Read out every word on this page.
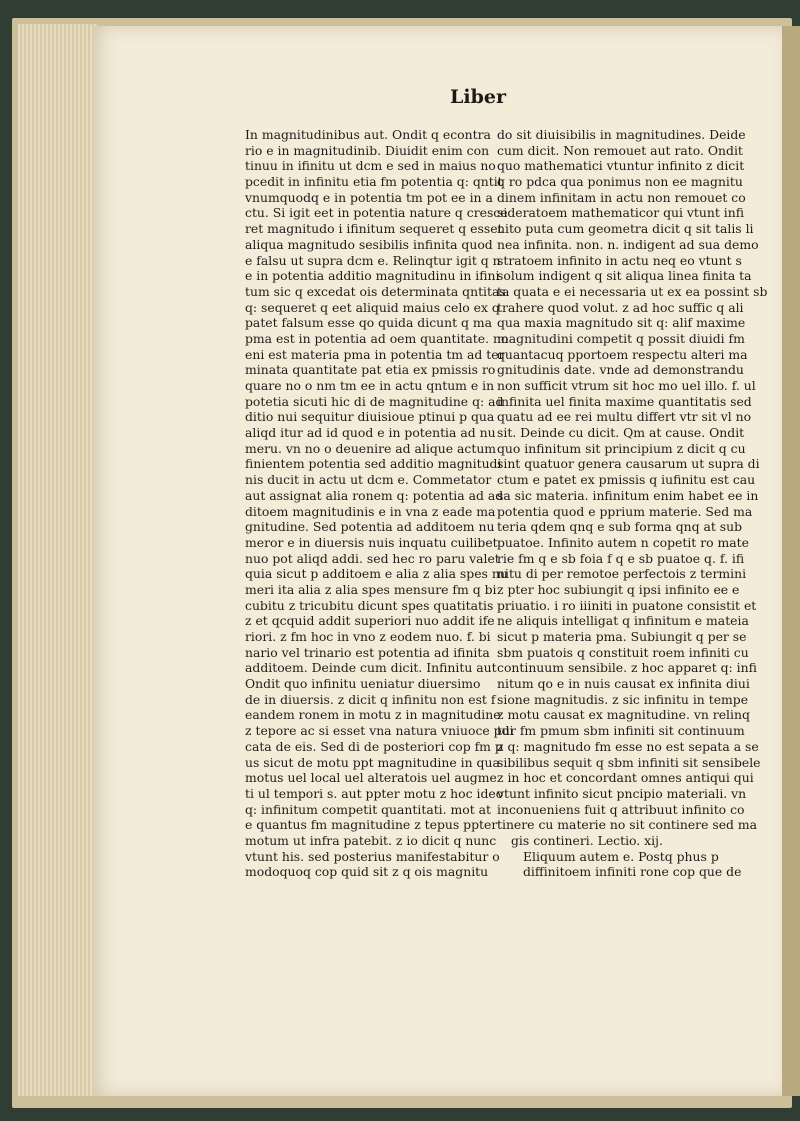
Liber
In magnitudinibus aut. Ondit q econtra
rio e in magnitudinib. Diuidit enim con
tinuu in ifinitu ut dcm e sed in maius no
pcedit in infinitu etia fm potentia q: qntit
vnumquodq e in potentia tm pot ee in a
ctu. Si igit eet in potentia nature q cresce
ret magnitudo i ifinitum sequeret q esset
aliqua magnitudo sesibilis infinita quod
e falsu ut supra dcm e. Relinqtur igit q n
e in potentia additio magnitudinu in ifini
tum sic q excedat ois determinata qntitas
q: sequeret q eet aliquid maius celo ex q
patet falsum esse qo quida dicunt q ma
pma est in potentia ad oem quantitate. no
eni est materia pma in potentia tm ad ter
minata quantitate pat etia ex pmissis ro
quare no o nm tm ee in actu qntum e in
potetia sicuti hic di de magnitudine q: ad
ditio nui sequitur diuisioue ptinui p qua
aliqd itur ad id quod e in potentia ad nu
meru. vn no o deuenire ad alique actum
finientem potentia sed additio magnitudi
nis ducit in actu ut dcm e. Commetator
aut assignat alia ronem q: potentia ad ad
ditoem magnitudinis e in vna z eade ma
gnitudine. Sed potentia ad additoem nu
meror e in diuersis nuis inquatu cuilibet
nuo pot aliqd addi. sed hec ro paru valet
quia sicut p additoem e alia z alia spes nu
meri ita alia z alia spes mensure fm q bi
cubitu z tricubitu dicunt spes quatitatis
z et qcquid addit superiori nuo addit ife
riori. z fm hoc in vno z eodem nuo. f. bi
nario vel trinario est potentia ad ifinita
additoem. Deinde cum dicit. Infinitu aut
Ondit quo infinitu ueniatur diuersimo
de in diuersis. z dicit q infinitu non est f
eandem ronem in motu z in magnitudine
z tepore ac si esset vna natura vniuoce pdi
cata de eis. Sed di de posteriori cop fm p
us sicut de motu ppt magnitudine in qua
motus uel local uel alteratois uel augme
ti ul tempori s. aut ppter motu z hoc ideo
q: infinitum competit quantitati. mot at
e quantus fm magnitudine z tepus ppter
motum ut infra patebit. z io dicit q nunc
vtunt his. sed posterius manifestabitur o
modoquoq cop quid sit z q ois magnitu
do sit diuisibilis in magnitudines. Deide
cum dicit. Non remouet aut rato. Ondit
quo mathematici vtuntur infinito z dicit
q ro pdca qua ponimus non ee magnitu
dinem infinitam in actu non remouet co
sideratoem mathematicor qui vtunt infi
nito puta cum geometra dicit q sit talis li
nea infinita. non. n. indigent ad sua demo
stratoem infinito in actu neq eo vtunt s
solum indigent q sit aliqua linea finita ta
ta quata e ei necessaria ut ex ea possint sb
trahere quod volut. z ad hoc suffic q ali
qua maxia magnitudo sit q: alif maxime
magnitudini competit q possit diuidi fm
quantacuq pportoem respectu alteri ma
gnitudinis date. vnde ad demonstrandu
non sufficit vtrum sit hoc mo uel illo. f. ul
infinita uel finita maxime quantitatis sed
quatu ad ee rei multu differt vtr sit vl no
sit. Deinde cu dicit. Qm at cause. Ondit
quo infinitum sit principium z dicit q cu
sint quatuor genera causarum ut supra di
ctum e patet ex pmissis q iufinitu est cau
sa sic materia. infinitum enim habet ee in
potentia quod e pprium materie. Sed ma
teria qdem qnq e sub forma qnq at sub
puatoe. Infinito autem n copetit ro mate
rie fm q e sb foia f q e sb puatoe q. f. ifi
nitu di per remotoe perfectois z termini
z pter hoc subiungit q ipsi infinito ee e
priuatio. i ro iiiniti in puatone consistit et
ne aliquis intelligat q infinitum e mateia
sicut p materia pma. Subiungit q per se
sbm puatois q constituit roem infiniti cu
continuum sensibile. z hoc apparet q: infi
nitum qo e in nuis causat ex infinita diui
sione magnitudis. z sic infinitu in tempe
z motu causat ex magnitudine. vn relinq
tur fm pmum sbm infiniti sit continuum
z q: magnitudo fm esse no est sepata a se
sibilibus sequit q sbm infiniti sit sensibele
z in hoc et concordant omnes antiqui qui
vtunt infinito sicut pncipio materiali. vn
inconueniens fuit q attribuut infinito co
tinere cu materie no sit continere sed ma
gis contineri. Lectio. xij.
Eliquum autem e. Postq phus p
diffinitoem infiniti rone cop que de
